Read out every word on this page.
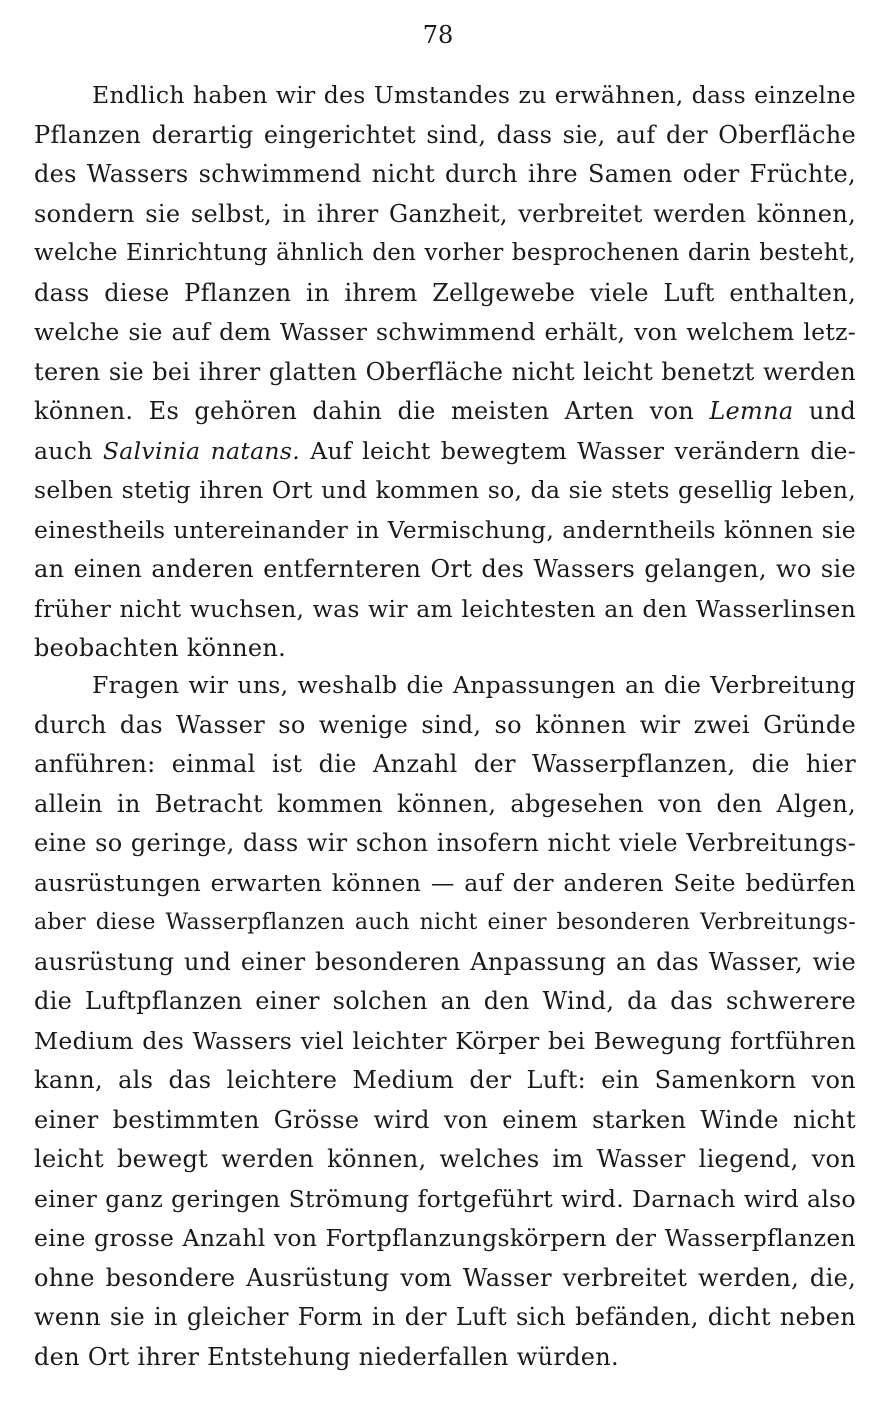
78
Endlich haben wir des Umstandes zu erwähnen, dass einzelne
Pflanzen derartig eingerichtet sind, dass sie, auf der Oberfläche
des Wassers schwimmend nicht durch ihre Samen oder Früchte,
sondern sie selbst, in ihrer Ganzheit, verbreitet werden können,
welche Einrichtung ähnlich den vorher besprochenen darin besteht,
dass diese Pflanzen in ihrem Zellgewebe viele Luft enthalten,
welche sie auf dem Wasser schwimmend erhält, von welchem letz-
teren sie bei ihrer glatten Oberfläche nicht leicht benetzt werden
können. Es gehören dahin die meisten Arten von Lemna und
auch Salvinia natans. Auf leicht bewegtem Wasser verändern die-
selben stetig ihren Ort und kommen so, da sie stets gesellig leben,
einestheils untereinander in Vermischung, anderntheils können sie
an einen anderen entfernteren Ort des Wassers gelangen, wo sie
früher nicht wuchsen, was wir am leichtesten an den Wasserlinsen
beobachten können.
Fragen wir uns, weshalb die Anpassungen an die Verbreitung
durch das Wasser so wenige sind, so können wir zwei Gründe
anführen: einmal ist die Anzahl der Wasserpflanzen, die hier
allein in Betracht kommen können, abgesehen von den Algen,
eine so geringe, dass wir schon insofern nicht viele Verbreitungs-
ausrüstungen erwarten können — auf der anderen Seite bedürfen
aber diese Wasserpflanzen auch nicht einer besonderen Verbreitungs-
ausrüstung und einer besonderen Anpassung an das Wasser, wie
die Luftpflanzen einer solchen an den Wind, da das schwerere
Medium des Wassers viel leichter Körper bei Bewegung fortführen
kann, als das leichtere Medium der Luft: ein Samenkorn von
einer bestimmten Grösse wird von einem starken Winde nicht
leicht bewegt werden können, welches im Wasser liegend, von
einer ganz geringen Strömung fortgeführt wird. Darnach wird also
eine grosse Anzahl von Fortpflanzungskörpern der Wasserpflanzen
ohne besondere Ausrüstung vom Wasser verbreitet werden, die,
wenn sie in gleicher Form in der Luft sich befänden, dicht neben
den Ort ihrer Entstehung niederfallen würden.
